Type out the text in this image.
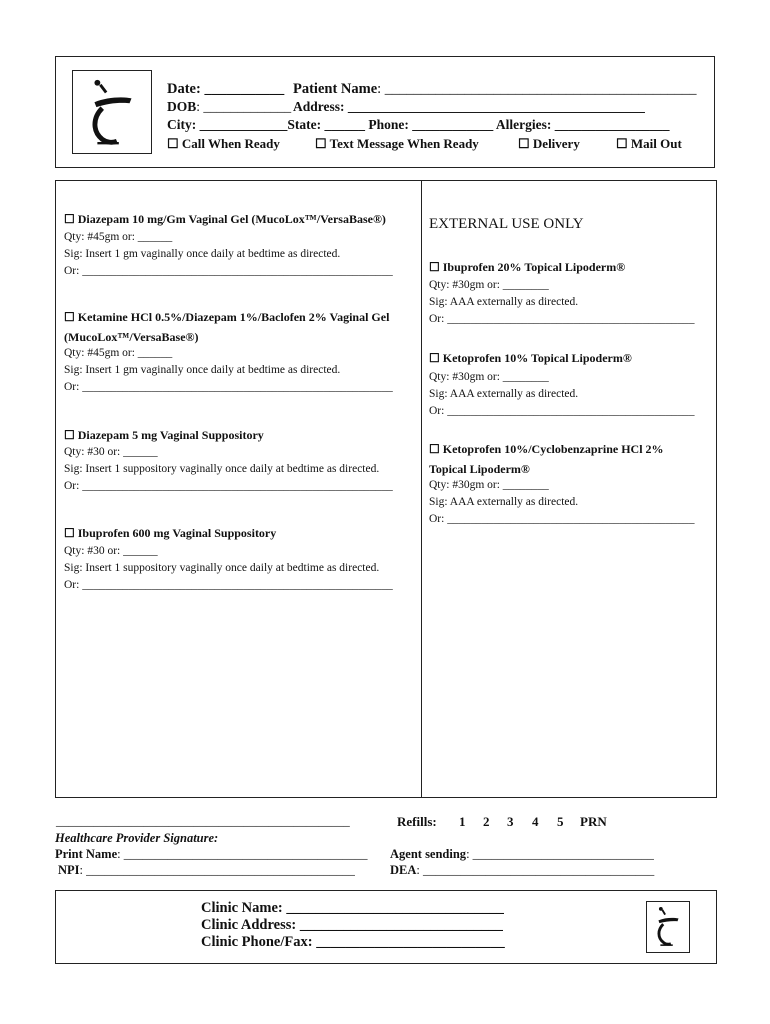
Date: ___________ Patient Name: ___________________________________________
DOB: _____________ Address: ____________________________________________
City: _____________State: ______ Phone: ____________ Allergies: _________________
☐ Call When Ready	☐ Text Message When Ready	☐ Delivery	☐ Mail Out
☐ Diazepam 10 mg/Gm Vaginal Gel (MucoLox™/VersaBase®)
Qty: #45gm or: ______
Sig: Insert 1 gm vaginally once daily at bedtime as directed.
Or: ______________________________________________________
☐ Ketamine HCl 0.5%/Diazepam 1%/Baclofen 2% Vaginal Gel
(MucoLox™/VersaBase®)
Qty: #45gm or: ______
Sig: Insert 1 gm vaginally once daily at bedtime as directed.
Or: ______________________________________________________
☐ Diazepam 5 mg Vaginal Suppository
Qty: #30 or: ______
Sig: Insert 1 suppository vaginally once daily at bedtime as directed.
Or: ______________________________________________________
☐ Ibuprofen 600 mg Vaginal Suppository
Qty: #30 or: ______
Sig: Insert 1 suppository vaginally once daily at bedtime as directed.
Or: ______________________________________________________
EXTERNAL USE ONLY
☐ Ibuprofen 20% Topical Lipoderm®
Qty: #30gm or: ________
Sig: AAA externally as directed.
Or: ___________________________________________
☐ Ketoprofen 10% Topical Lipoderm®
Qty: #30gm or: ________
Sig: AAA externally as directed.
Or: ___________________________________________
☐ Ketoprofen 10%/Cyclobenzaprine HCl 2%
Topical Lipoderm®
Qty: #30gm or: ________
Sig: AAA externally as directed.
Or: ___________________________________________
_______________________________________________	Refills: 1 2 3 4 5 PRN
Healthcare Provider Signature:
Print Name: _______________________________________ Agent sending: _____________________________
NPI: ___________________________________________	DEA: _____________________________________
Clinic Name: ______________________________
Clinic Address: ____________________________
Clinic Phone/Fax: __________________________
